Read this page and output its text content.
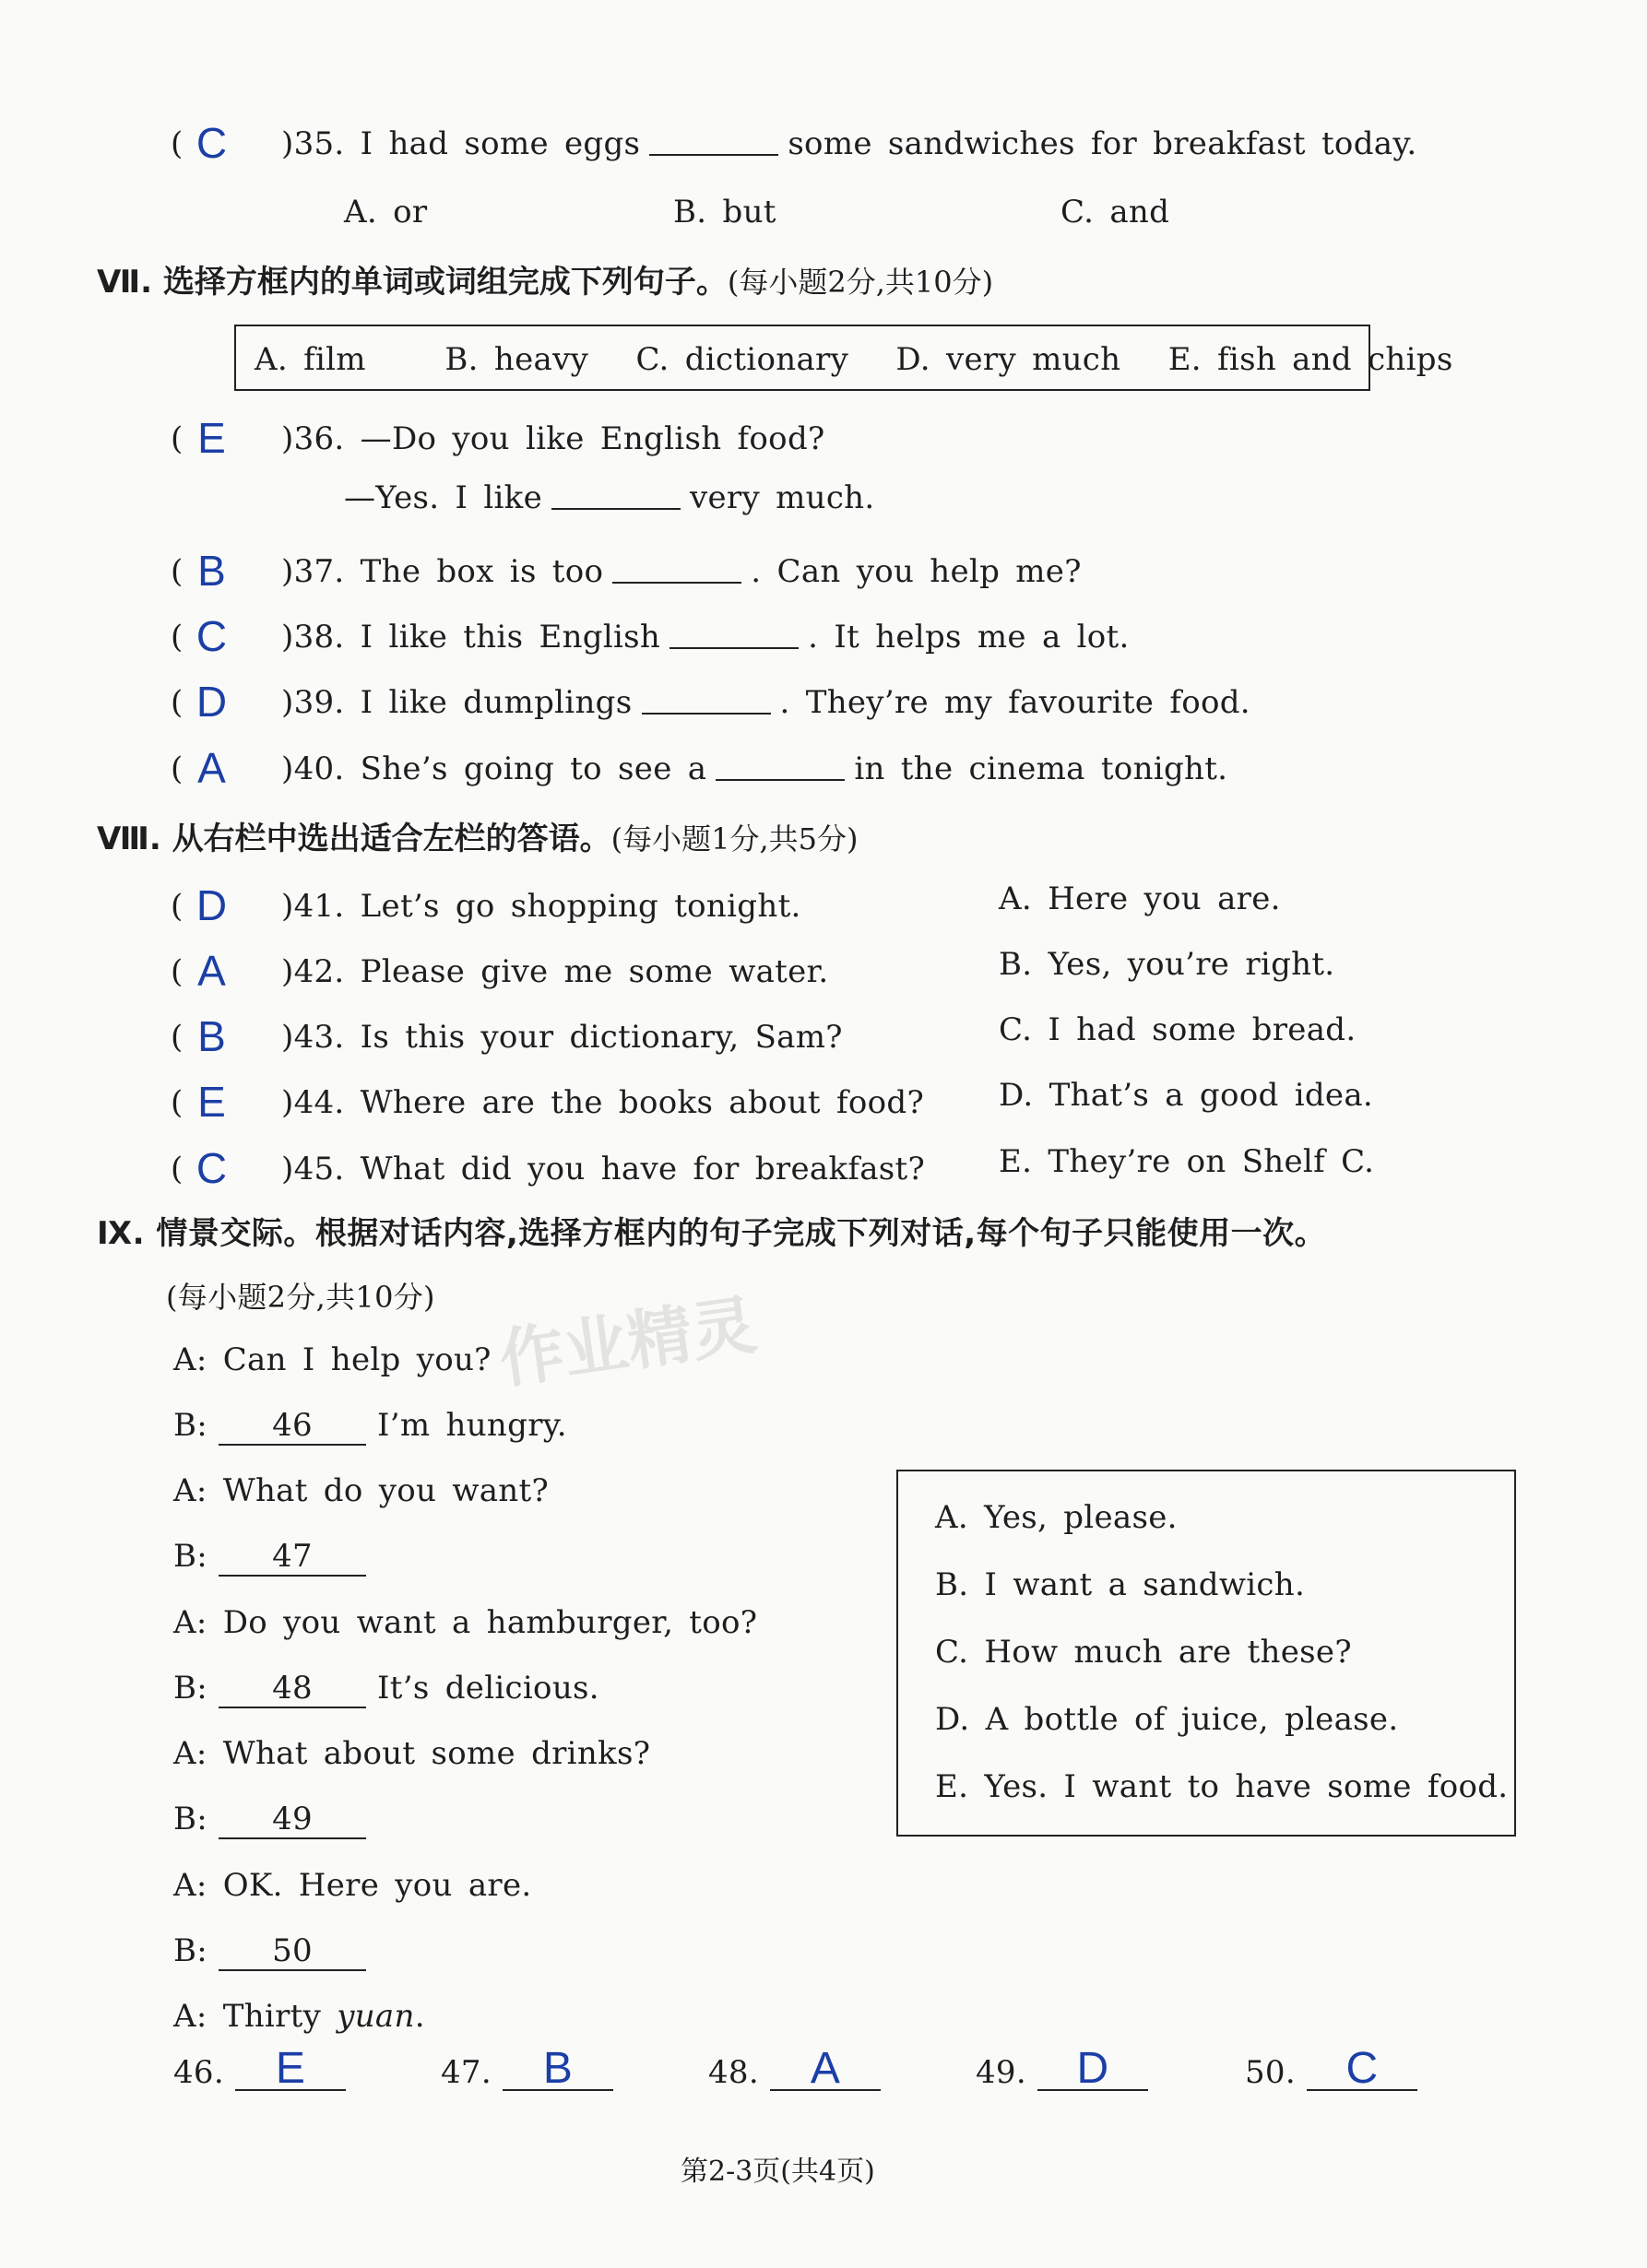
( C )35. I had some eggs	some sandwiches for breakfast today.
A. or	B. but	C. and
Ⅶ. 选择方框内的单词或词组完成下列句子。(每小题2分,共10分)
A. film	B. heavy C. dictionary D. very much E. fish and chips
( E )36. —Do you like English food?
—Yes. I like	very much.
( B )37. The box is too	. Can you help me?
( C )38. I like this English	. It helps me a lot.
( D )39. I like dumplings	. They’re my favourite food.
( A )40. She’s going to see a	in the cinema tonight.
Ⅷ. 从右栏中选出适合左栏的答语。(每小题1分,共5分)
( D )41. Let’s go shopping tonight.	A. Here you are.
( A )42. Please give me some water.	B. Yes, you’re right.
( B )43. Is this your dictionary, Sam?	C. I had some bread.
( E )44. Where are the books about food? D. That’s a good idea.
( C )45. What did you have for breakfast? E. They’re on Shelf C.
Ⅸ. 情景交际。根据对话内容,选择方框内的句子完成下列对话,每个句子只能使用一次。
(每小题2分,共10分) 作业精灵
A: Can I help you?
B: 46 I’m hungry.
A: What do you want?
B: 47
A: Do you want a hamburger, too?
B: 48 It’s delicious.
A: What about some drinks?
B: 49
A: OK. Here you are.
B: 50
A: Thirty yuan.
A. Yes, please.
B. I want a sandwich.
C. How much are these?
D. A bottle of juice, please.
E. Yes. I want to have some food.
46. E	47. B	48. A	49. D	50. C
第2-3页(共4页)
